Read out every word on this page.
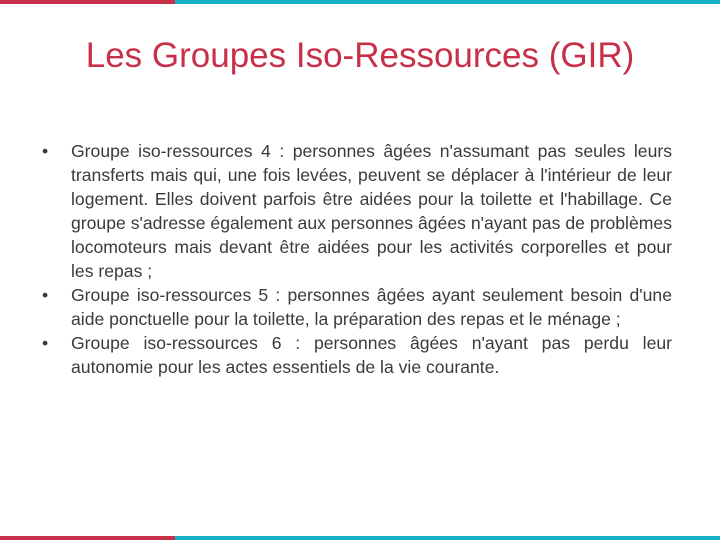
Les Groupes Iso-Ressources (GIR)
•	Groupe iso-ressources 4 : personnes âgées n'assumant pas seules leurs transferts mais qui, une fois levées, peuvent se déplacer à l'intérieur de leur logement. Elles doivent parfois être aidées pour la toilette et l'habillage. Ce groupe s'adresse également aux personnes âgées n'ayant pas de problèmes locomoteurs mais devant être aidées pour les activités corporelles et pour les repas ;
•	Groupe iso-ressources 5 : personnes âgées ayant seulement besoin d'une aide ponctuelle pour la toilette, la préparation des repas et le ménage ;
•	Groupe iso-ressources 6 : personnes âgées n'ayant pas perdu leur autonomie pour les actes essentiels de la vie courante.
